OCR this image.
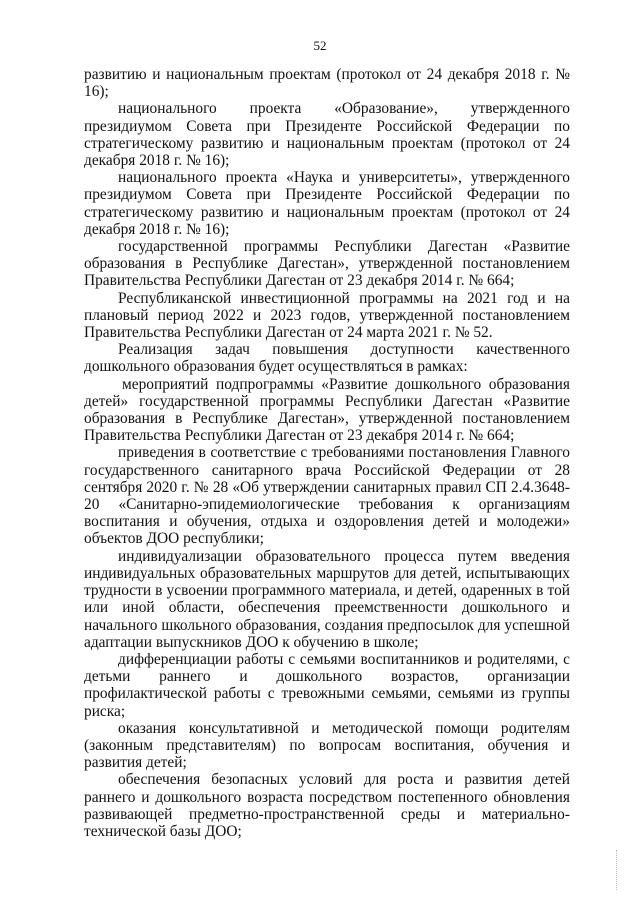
52

развитию и национальным проектам (протокол от 24 декабря 2018 г. № 16);

национального проекта «Образование», утвержденного президиумом Совета при Президенте Российской Федерации по стратегическому развитию и национальным проектам (протокол от 24 декабря 2018 г. № 16);

национального проекта «Наука и университеты», утвержденного президиумом Совета при Президенте Российской Федерации по стратегическому развитию и национальным проектам (протокол от 24 декабря 2018 г. № 16);

государственной программы Республики Дагестан «Развитие образования в Республике Дагестан», утвержденной постановлением Правительства Республики Дагестан от 23 декабря 2014 г. № 664;

Республиканской инвестиционной программы на 2021 год и на плановый период 2022 и 2023 годов, утвержденной постановлением Правительства Республики Дагестан от 24 марта 2021 г. № 52.

Реализация задач повышения доступности качественного дошкольного образования будет осуществляться в рамках:

мероприятий подпрограммы «Развитие дошкольного образования детей» государственной программы Республики Дагестан «Развитие образования в Республике Дагестан», утвержденной постановлением Правительства Республики Дагестан от 23 декабря 2014 г. № 664;

приведения в соответствие с требованиями постановления Главного государственного санитарного врача Российской Федерации от 28 сентября 2020 г. № 28 «Об утверждении санитарных правил СП 2.4.3648-20 «Санитарно-эпидемиологические требования к организациям воспитания и обучения, отдыха и оздоровления детей и молодежи» объектов ДОО республики;

индивидуализации образовательного процесса путем введения индивидуальных образовательных маршрутов для детей, испытывающих трудности в усвоении программного материала, и детей, одаренных в той или иной области, обеспечения преемственности дошкольного и начального школьного образования, создания предпосылок для успешной адаптации выпускников ДОО к обучению в школе;

дифференциации работы с семьями воспитанников и родителями, с детьми раннего и дошкольного возрастов, организации профилактической работы с тревожными семьями, семьями из группы риска;

оказания консультативной и методической помощи родителям (законным представителям) по вопросам воспитания, обучения и развития детей;

обеспечения безопасных условий для роста и развития детей раннего и дошкольного возраста посредством постепенного обновления развивающей предметно-пространственной среды и материально-технической базы ДОО;
